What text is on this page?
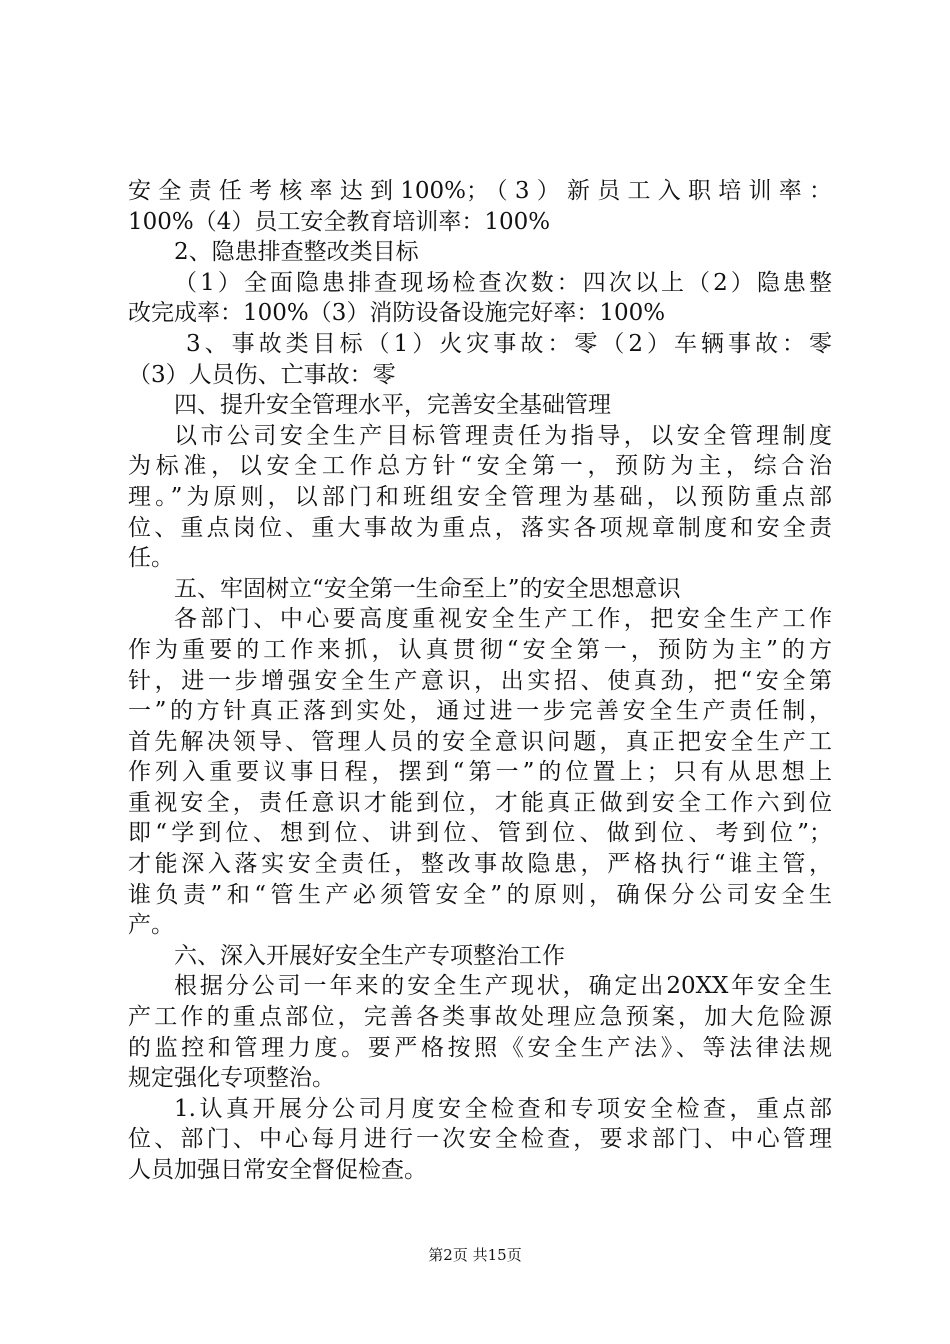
安全责任考核率达到100%；（3）新员工入职培训率：
100%（4）员工安全教育培训率：100%
2、隐患排查整改类目标
（1）全面隐患排查现场检查次数：四次以上（2）隐患整
改完成率：100%（3）消防设备设施完好率：100%
3、事故类目标（1）火灾事故：零（2）车辆事故：零
（3）人员伤、亡事故：零
四、提升安全管理水平，完善安全基础管理
以市公司安全生产目标管理责任为指导，以安全管理制度
为标准，以安全工作总方针“安全第一，预防为主，综合治
理。”为原则，以部门和班组安全管理为基础，以预防重点部
位、重点岗位、重大事故为重点，落实各项规章制度和安全责
任。
五、牢固树立“安全第一生命至上”的安全思想意识
各部门、中心要高度重视安全生产工作，把安全生产工作
作为重要的工作来抓，认真贯彻“安全第一，预防为主”的方
针，进一步增强安全生产意识，出实招、使真劲，把“安全第
一”的方针真正落到实处，通过进一步完善安全生产责任制，
首先解决领导、管理人员的安全意识问题，真正把安全生产工
作列入重要议事日程，摆到“第一”的位置上；只有从思想上
重视安全，责任意识才能到位，才能真正做到安全工作六到位
即“学到位、想到位、讲到位、管到位、做到位、考到位”；
才能深入落实安全责任，整改事故隐患，严格执行“谁主管，
谁负责”和“管生产必须管安全”的原则，确保分公司安全生
产。
六、深入开展好安全生产专项整治工作
根据分公司一年来的安全生产现状，确定出20XX年安全生
产工作的重点部位，完善各类事故处理应急预案，加大危险源
的监控和管理力度。要严格按照《安全生产法》、等法律法规
规定强化专项整治。
1.认真开展分公司月度安全检查和专项安全检查，重点部
位、部门、中心每月进行一次安全检查，要求部门、中心管理
人员加强日常安全督促检查。
第2页 共15页
